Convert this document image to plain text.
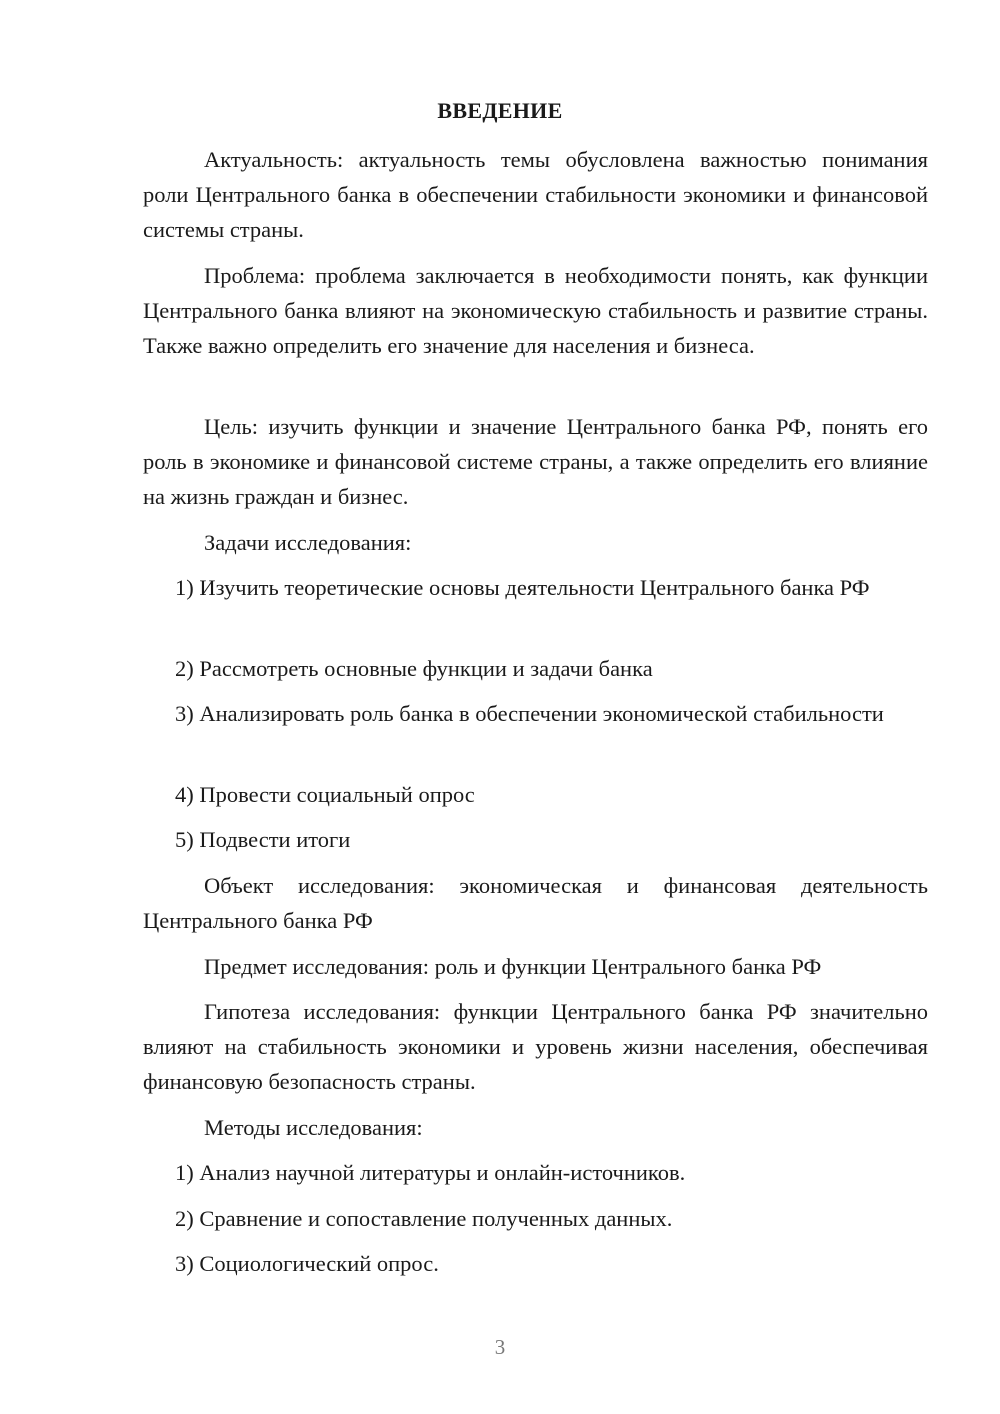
ВВЕДЕНИЕ

Актуальность: актуальность темы обусловлена важностью понимания роли Центрального банка в обеспечении стабильности экономики и финансовой системы страны.

Проблема: проблема заключается в необходимости понять, как функции Центрального банка влияют на экономическую стабильность и развитие страны. Также важно определить его значение для населения и бизнеса.

Цель: изучить функции и значение Центрального банка РФ, понять его роль в экономике и финансовой системе страны, а также определить его влияние на жизнь граждан и бизнес.

Задачи исследования:

1) Изучить теоретические основы деятельности Центрального банка РФ

2) Рассмотреть основные функции и задачи банка

3) Анализировать роль банка в обеспечении экономической стабильности

4) Провести социальный опрос

5) Подвести итоги

Объект исследования: экономическая и финансовая деятельность Центрального банка РФ

Предмет исследования: роль и функции Центрального банка РФ

Гипотеза исследования: функции Центрального банка РФ значительно влияют на стабильность экономики и уровень жизни населения, обеспечивая финансовую безопасность страны.

Методы исследования:

1) Анализ научной литературы и онлайн-источников.

2) Сравнение и сопоставление полученных данных.

3) Социологический опрос.

3
